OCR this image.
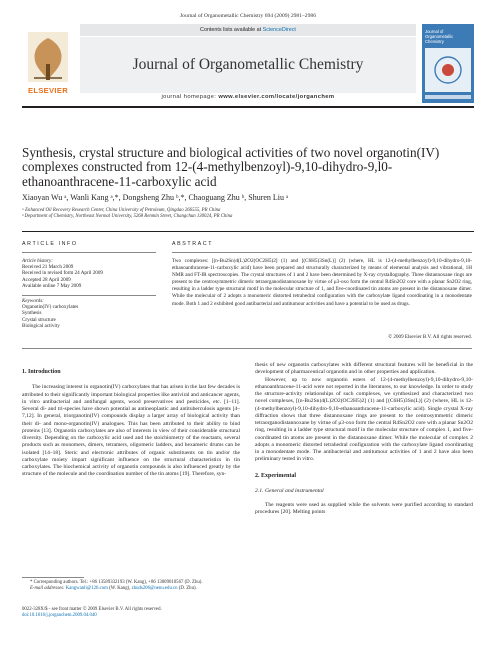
Journal of Organometallic Chemistry 694 (2009) 2981–2986
ELSEVIER
Contents lists available at ScienceDirect
Journal of Organometallic Chemistry
journal homepage: www.elsevier.com/locate/jorganchem
Journal of Organometallic Chemistry
Synthesis, crystal structure and biological activities of two novel organotin(IV) complexes constructed from 12-(4-methylbenzoyl)-9,10-dihydro-9,l0-ethanoanthracene-11-carboxylic acid
Xiaoyan Wu ᵃ, Wanli Kang ᵃ,*, Dongsheng Zhu ᵇ,*, Chaoguang Zhu ᵇ, Shuren Liu ᵃ
ᵃ Enhanced Oil Recovery Research Center, China University of Petroleum, Qingdao 266555, PR China
ᵇ Department of Chemistry, Northeast Normal University, 5268 Renmin Street, Changchun 130024, PR China
ARTICLE INFO
Article history:
Received 21 March 2009
Received in revised form 24 April 2009
Accepted 28 April 2009
Available online 7 May 2009
Keywords:
Organotin(IV) carboxylates
Synthesis
Crystal structure
Biological activity
ABSTRACT
Two complexes: [(n-Bu2Sn)4(L)2O2(OC2H5)2] (1) and [(C6H5)3Sn(L)] (2) (where, HL is 12-(4-methylbenzoyl)-9,10-dihydro-9,10-ethanoanthracene-11-carboxylic acid) have been prepared and structurally characterized by means of elemental analysis and vibrational, 1H NMR and FT-IR spectroscopies. The crystal structures of 1 and 2 have been determined by X-ray crystallography. Three distannoxane rings are present to the centrosymmetric dimeric tetraorganodistannoxane by virtue of μ3-oxo form the central R4Sn2O2 core with a planar Sn2O2 ring, resulting in a ladder type structural motif in the molecular structure of 1, and five-coordinated tin atoms are present in the distannoxane dimer. While the molecular of 2 adopts a monomeric distorted tetrahedral configuration with the carboxylate ligand coordinating in a monodentate mode. Both 1 and 2 exhibited good antibacterial and antitumour activities and have a potential to be used as drugs.
© 2009 Elsevier B.V. All rights reserved.
1. Introduction

The increasing interest in organotin(IV) carboxylates that has arisen in the last few decades is attributed to their significantly important biological properties like antiviral and anticancer agents, in vitro antibacterial and antifungal agents, wood preservatives and pesticides, etc. [1–11]. Several di- and tri-species have shown potential as antineoplastic and antituberculosis agents [4–7,12]. In general, triorganotin(IV) compounds display a larger array of biological activity than their di- and mono-organotin(IV) analogues. This has been attributed to their ability to bind proteins [13]. Organotin carboxylates are also of interests in view of their considerable structural diversity. Depending on the carboxylic acid used and the stoichiometry of the reactants, several products such as monomers, dimers, tetramers, oligomeric ladders, and hexameric drums can be isolated [14–18]. Steric and electronic attributes of organic substituents on tin and/or the carboxylate moiety impart significant influence on the structural characteristics in tin carboxylates. The biochemical activity of organotin compounds is also influenced greatly by the structure of the molecule and the coordination number of the tin atoms [19]. Therefore, syn-

* Corresponding authors. Tel.: +86 13589332193 (W. Kang), +86 13009010567 (D. Zhu).
E-mail addresses: Kangwanli@126.com (W. Kang), zhuds206@nenu.edu.cn (D. Zhu).
0022-328X/$ - see front matter © 2009 Elsevier B.V. All rights reserved.
doi:10.1016/j.jorganchem.2009.04.040
thesis of new organotin carboxylates with different structural features will be beneficial in the development of pharmaceutical organotin and in other properties and application.

However, up to now organotin esters of 12-(4-methylbenzoyl)-9,10-dihydro-9,10-ethanoanthracene-11-acid were not reported in the literatures, to our knowledge. In order to study the structure-activity relationships of such complexes, we synthesized and characterized two novel complexes, [(n-Bu2Sn)4(L)2O2(OC2H5)2] (1) and [(C6H5)3Sn(L)] (2) (where, HL is 12-(4-methylbenzoyl)-9,10-dihydro-9,10-ethanoanthracene-11-carboxylic acid). Single crystal X-ray diffraction shows that three distannoxane rings are present to the centrosymmetric dimeric tetraorganodistannoxane by virtue of μ3-oxo form the central R4Sn2O2 core with a planar Sn2O2 ring, resulting in a ladder type structural motif in the molecular structure of complex 1, and five-coordinated tin atoms are present in the distannoxane dimer. While the molecular of complex 2 adopts a monomeric distorted tetrahedral configuration with the carboxylate ligand coordinating in a monodentate mode. The antibacterial and antitumour activities of 1 and 2 have also been preliminary tested in vitro.

2. Experimental
2.1. General and instrumental

The reagents were used as supplied while the solvents were purified according to standard procedures [20]. Melting points
